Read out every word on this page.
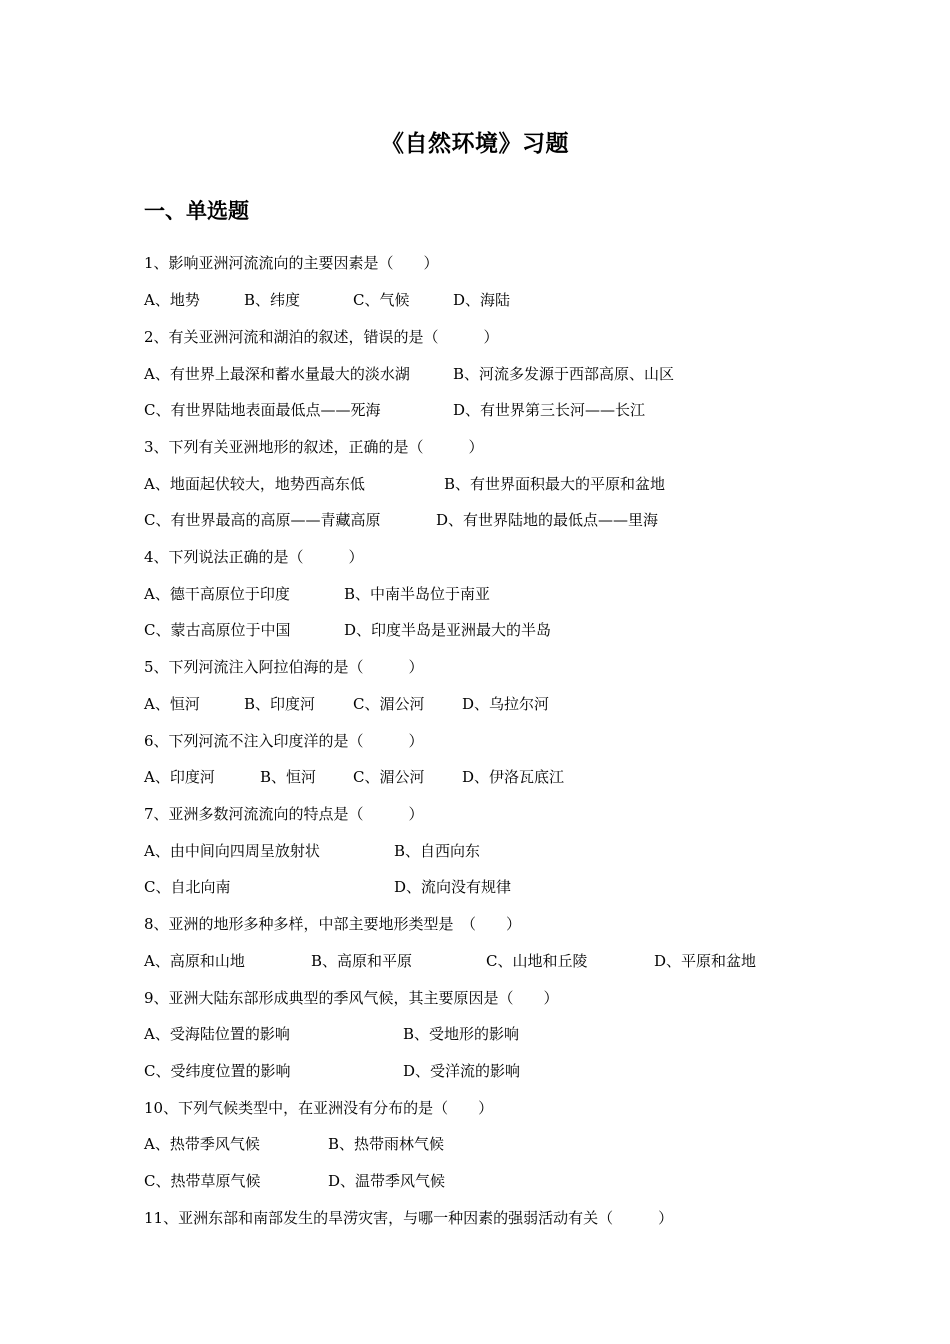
《自然环境》习题
一、单选题
1、影响亚洲河流流向的主要因素是（　　）
A、地势	B、纬度	C、气候	D、海陆
2、有关亚洲河流和湖泊的叙述，错误的是（　　　）
A、有世界上最深和蓄水量最大的淡水湖	B、河流多发源于西部高原、山区
C、有世界陆地表面最低点——死海	D、有世界第三长河——长江
3、下列有关亚洲地形的叙述，正确的是（　　　）
A、地面起伏较大，地势西高东低	B、有世界面积最大的平原和盆地
C、有世界最高的高原——青藏高原	D、有世界陆地的最低点——里海
4、下列说法正确的是（　　　）
A、德干高原位于印度	B、中南半岛位于南亚
C、蒙古高原位于中国	D、印度半岛是亚洲最大的半岛
5、下列河流注入阿拉伯海的是（　　　）
A、恒河	B、印度河	C、湄公河	D、乌拉尔河
6、下列河流不注入印度洋的是（　　　）
A、印度河	B、恒河 C、湄公河	D、伊洛瓦底江
7、亚洲多数河流流向的特点是（　　　）
A、由中间向四周呈放射状	B、自西向东
C、自北向南	D、流向没有规律
8、亚洲的地形多种多样，中部主要地形类型是　（　　）
A、高原和山地	B、高原和平原	C、山地和丘陵	D、平原和盆地
9、亚洲大陆东部形成典型的季风气候，其主要原因是（　　）
A、受海陆位置的影响	B、受地形的影响
C、受纬度位置的影响	D、受洋流的影响
10、下列气候类型中，在亚洲没有分布的是（　　）
A、热带季风气候	B、热带雨林气候
C、热带草原气候	D、温带季风气候
11、亚洲东部和南部发生的旱涝灾害，与哪一种因素的强弱活动有关（　　　）
